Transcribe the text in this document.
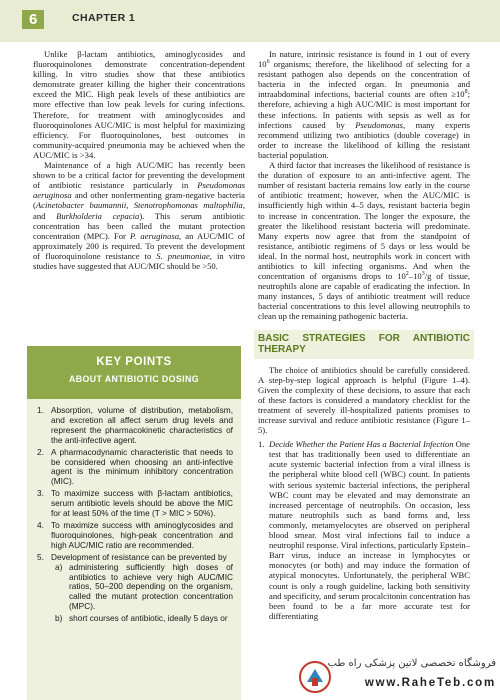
6	CHAPTER 1

Unlike β-lactam antibiotics, aminoglycosides and fluoroquinolones demonstrate concentration-dependent killing. In vitro studies show that these antibiotics demonstrate greater killing the higher their concentrations exceed the MIC. High peak levels of these antibiotics are more effective than low peak levels for curing infections. Therefore, for treatment with aminoglycosides and fluoroquinolones AUC/MIC is most helpful for maximizing efficiency. For fluoroquinolones, best outcomes in community-acquired pneumonia may be achieved when the AUC/MIC is >34.

Maintenance of a high AUC/MIC has recently been shown to be a critical factor for preventing the development of antibiotic resistance particularly in Pseudomonas aeruginosa and other nonfermenting gram-negative bacteria (Acinetobacter baumannii, Stenotrophomonas maltophilia, and Burkholderia cepacia). This serum antibiotic concentration has been called the mutant protection concentration (MPC). For P. aeruginosa, an AUC/MIC of approximately 200 is required. To prevent the development of fluoroquinolone resistance to S. pneumoniae, in vitro studies have suggested that AUC/MIC should be >50.

KEY POINTS
ABOUT ANTIBIOTIC DOSING
1. Absorption, volume of distribution, metabolism, and excretion all affect serum drug levels and represent the pharmacokinetic characteristics of the anti-infective agent.
2. A pharmacodynamic characteristic that needs to be considered when choosing an anti-infective agent is the minimum inhibitory concentration (MIC).
3. To maximize success with β-lactam antibiotics, serum antibiotic levels should be above the MIC for at least 50% of the time (T > MIC > 50%).
4. To maximize success with aminoglycosides and fluoroquinolones, high-peak concentration and high AUC/MIC ratio are recommended.
5. Development of resistance can be prevented by
a) administering sufficiently high doses of antibiotics to achieve very high AUC/MIC ratios, 50–200 depending on the organism, called the mutant protection concentration (MPC).
b) short courses of antibiotic, ideally 5 days or

In nature, intrinsic resistance is found in 1 out of every $10^6$ organisms; therefore, the likelihood of selecting for a resistant pathogen also depends on the concentration of bacteria in the infected organ. In pneumonia and intraabdominal infections, bacterial counts are often $\ge 10^8$; therefore, achieving a high AUC/MIC is most important for these infections. In patients with sepsis as well as for infections caused by Pseudomonas, many experts recommend utilizing two antibiotics (double coverage) in order to increase the likelihood of killing the resistant bacterial population.

A third factor that increases the likelihood of resistance is the duration of exposure to an anti-infective agent. The number of resistant bacteria remains low early in the course of antibiotic treatment; however, when the AUC/MIC is insufficiently high within 4–5 days, resistant bacteria begin to increase in concentration. The longer the exposure, the greater the likelihood resistant bacteria will predominate. Many experts now agree that from the standpoint of resistance, antibiotic regimens of 5 days or less would be ideal. In the normal host, neutrophils work in concert with antibiotics to kill infecting organisms. And when the concentration of organisms drops to $10^2-10^3/g$ of tissue, neutrophils alone are capable of eradicating the infection. In many instances, 5 days of antibiotic treatment will reduce bacterial concentrations to this level allowing neutrophils to clean up the remaining pathogenic bacteria.

BASIC STRATEGIES FOR ANTIBIOTIC THERAPY

The choice of antibiotics should be carefully considered. A step-by-step logical approach is helpful (Figure 1–4). Given the complexity of these decisions, to assure that each of these factors is considered a mandatory checklist for the treatment of severely ill-hospitalized patients promises to increase survival and reduce antibiotic resistance (Figure 1–5).

1. Decide Whether the Patient Has a Bacterial Infection One test that has traditionally been used to differentiate an acute systemic bacterial infection from a viral illness is the peripheral white blood cell (WBC) count. In patients with serious systemic bacterial infections, the peripheral WBC count may be elevated and may demonstrate an increased percentage of neutrophils. On occasion, less mature neutrophils such as band forms and, less commonly, metamyelocytes are observed on peripheral blood smear. Most viral infections fail to induce a neutrophil response. Viral infections, particularly Epstein–Barr virus, induce an increase in lymphocytes or monocytes (or both) and may induce the formation of atypical monocytes. Unfortunately, the peripheral WBC count is only a rough guideline, lacking both sensitivity and specificity, and serum procalcitonin concentration has been found to be a far more accurate test for differentiating

فروشگاه تخصصی لاتین پزشکی راه طب
www.RaheTeb.com
